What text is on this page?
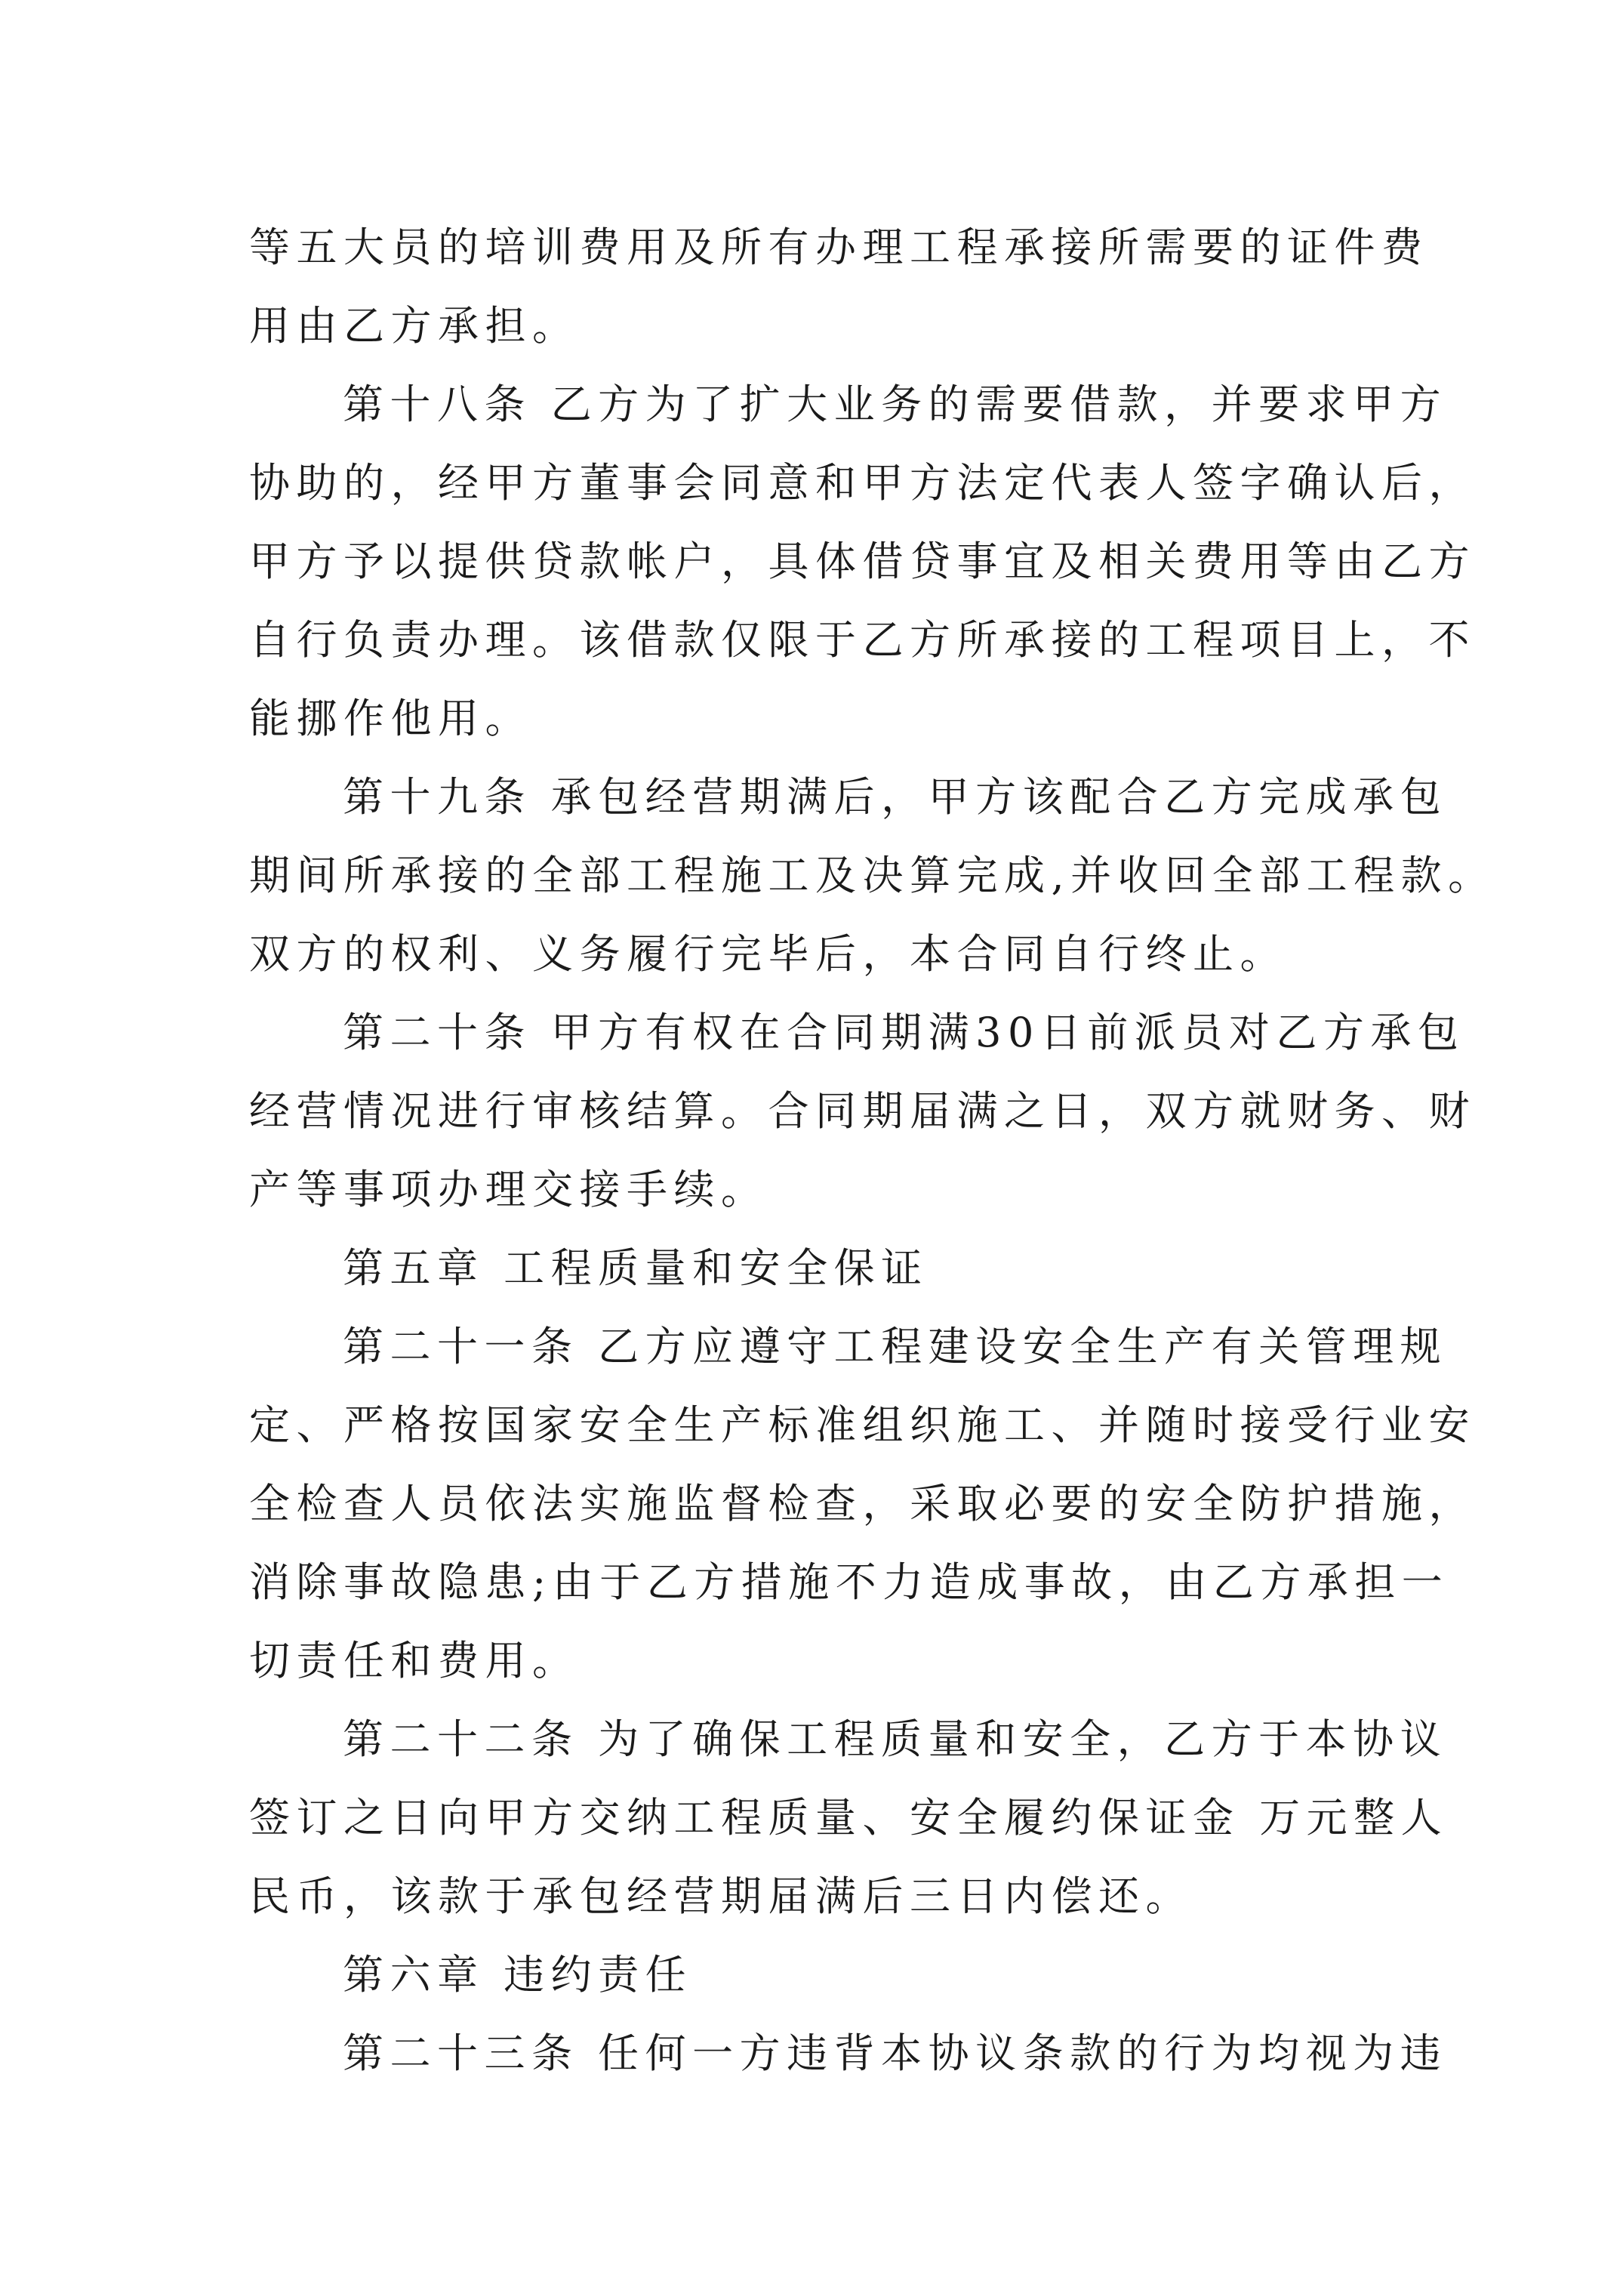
等五大员的培训费用及所有办理工程承接所需要的证件费
用由乙方承担。
第十八条 乙方为了扩大业务的需要借款，并要求甲方
协助的，经甲方董事会同意和甲方法定代表人签字确认后，
甲方予以提供贷款帐户，具体借贷事宜及相关费用等由乙方
自行负责办理。该借款仅限于乙方所承接的工程项目上，不
能挪作他用。
第十九条 承包经营期满后，甲方该配合乙方完成承包
期间所承接的全部工程施工及决算完成,并收回全部工程款。
双方的权利、义务履行完毕后，本合同自行终止。
第二十条 甲方有权在合同期满30日前派员对乙方承包
经营情况进行审核结算。合同期届满之日，双方就财务、财
产等事项办理交接手续。
第五章 工程质量和安全保证
第二十一条 乙方应遵守工程建设安全生产有关管理规
定、严格按国家安全生产标准组织施工、并随时接受行业安
全检查人员依法实施监督检查，采取必要的安全防护措施，
消除事故隐患;由于乙方措施不力造成事故，由乙方承担一
切责任和费用。
第二十二条 为了确保工程质量和安全，乙方于本协议
签订之日向甲方交纳工程质量、安全履约保证金 万元整人
民币，该款于承包经营期届满后三日内偿还。
第六章 违约责任
第二十三条 任何一方违背本协议条款的行为均视为违
